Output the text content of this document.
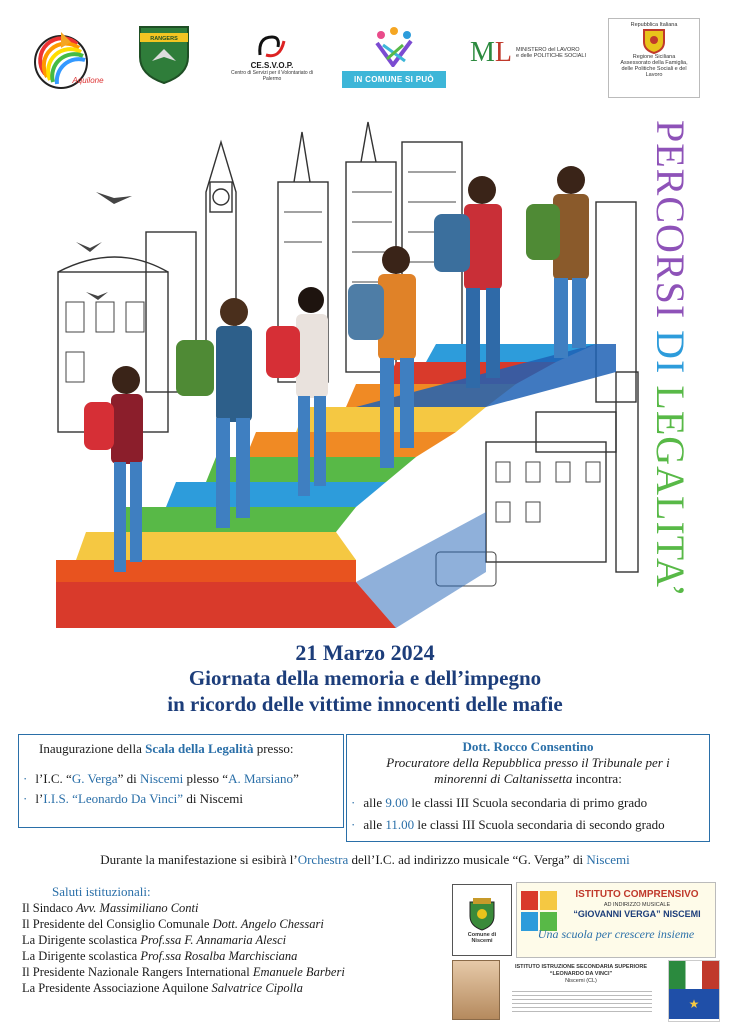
Aquilone
RANGERS
CE.S.V.O.P.
Centro di Servizi per il Volontariato di Palermo	IN COMUNE SI PUÒ
M L MINISTERO del LAVORO
e delle POLITICHE SOCIALI
Repubblica Italiana
Regione Siciliana
Assessorato della Famiglia,
delle Politiche Sociali e del
Lavoro
PERCORSI DI LEGALITA’
21 Marzo 2024
Giornata della memoria e dell’impegno
in ricordo delle vittime innocenti delle mafie
Inaugurazione della Scala della Legalità presso:
· l’I.C. “G. Verga” di Niscemi plesso “A. Marsiano”
· l’I.I.S. “Leonardo Da Vinci” di Niscemi
Dott. Rocco Consentino
Procuratore della Repubblica presso il Tribunale per i
minorenni di Caltanissetta incontra:
· alle 9.00 le classi III Scuola secondaria di primo grado
· alle 11.00 le classi III Scuola secondaria di secondo grado
Durante la manifestazione si esibirà l’Orchestra dell’I.C. ad indirizzo musicale “G. Verga” di Niscemi

Saluti istituzionali:

Il Sindaco Avv. Massimiliano Conti

Il Presidente del Consiglio Comunale Dott. Angelo Chessari

La Dirigente scolastica Prof.ssa F. Annamaria Alesci

La Dirigente scolastica Prof.ssa Rosalba Marchisciana

Il Presidente Nazionale Rangers International Emanuele Barberi

La Presidente Associazione Aquilone Salvatrice Cipolla

Comune di Niscemi
ISTITUTO COMPRENSIVO
AD INDIRIZZO MUSICALE
“GIOVANNI VERGA” NISCEMI
Una scuola per crescere insieme
ISTITUTO ISTRUZIONE SECONDARIA SUPERIORE
“LEONARDO DA VINCI”
Niscemi (CL)
★
